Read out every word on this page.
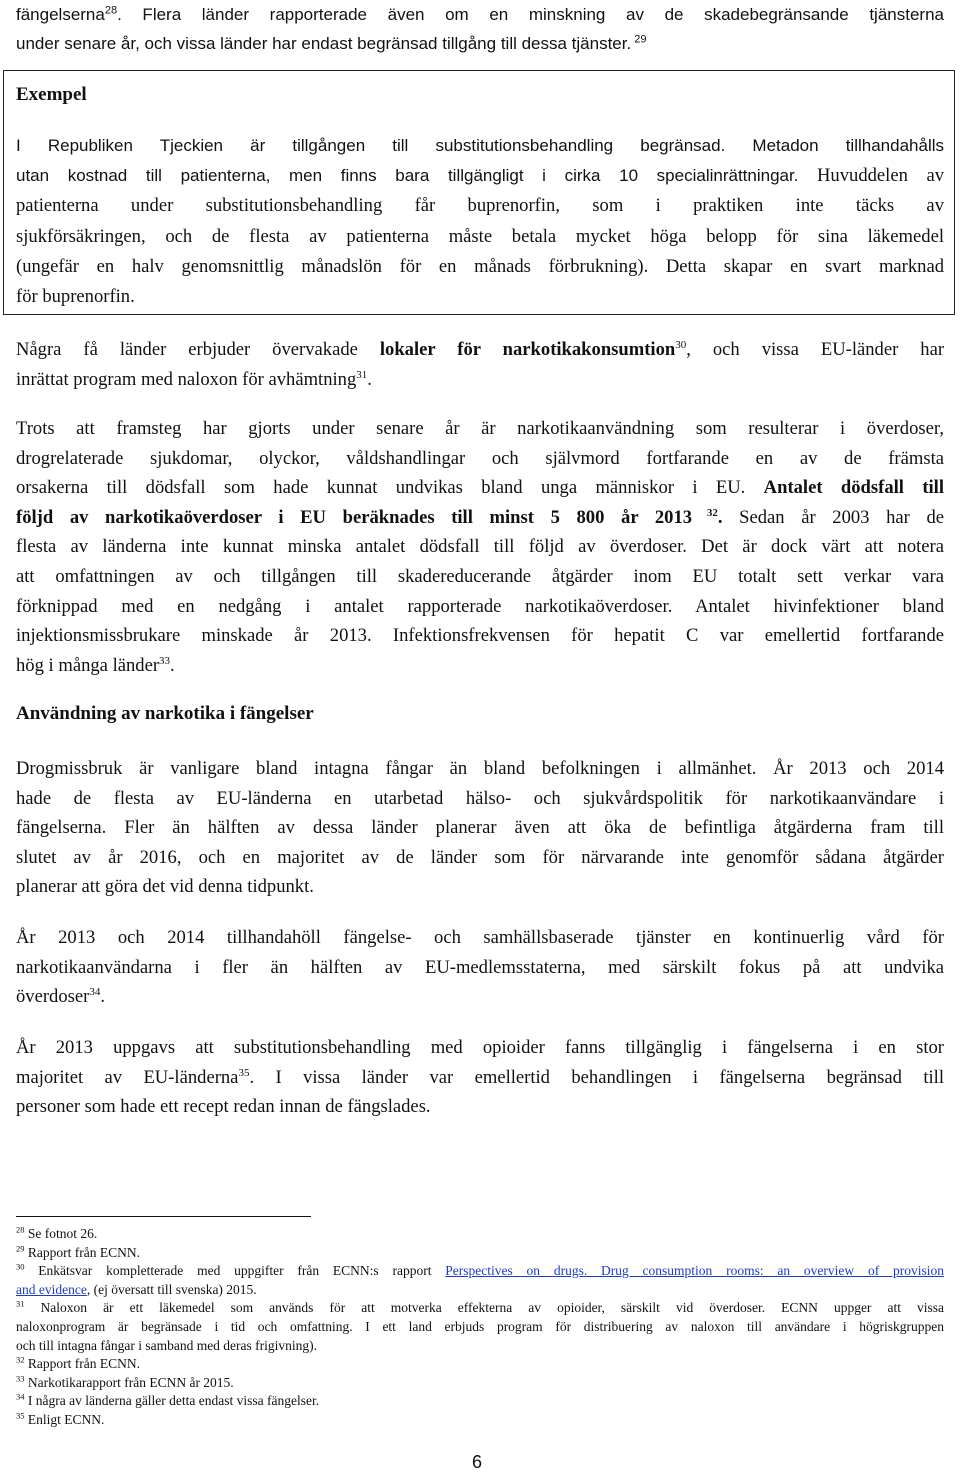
fängelserna$^{28}$. Flera länder rapporterade även om en minskning av de skadebegränsande tjänsterna
under senare år, och vissa länder har endast begränsad tillgång till dessa tjänster. $^{29}$

Exempel

I Republiken Tjeckien är tillgången till substitutionsbehandling begränsad. Metadon tillhandahålls
utan kostnad till patienterna, men finns bara tillgängligt i cirka 10 specialinrättningar. Huvuddelen av
patienterna under substitutionsbehandling får buprenorfin, som i praktiken inte täcks av
sjukförsäkringen, och de flesta av patienterna måste betala mycket höga belopp för sina läkemedel
(ungefär en halv genomsnittlig månadslön för en månads förbrukning). Detta skapar en svart marknad
för buprenorfin.
Några få länder erbjuder övervakade lokaler för narkotikakonsumtion$^{30}$, och vissa EU-länder har
inrättat program med naloxon för avhämtning$^{31}$.
Trots att framsteg har gjorts under senare år är narkotikaanvändning som resulterar i överdoser,
drogrelaterade sjukdomar, olyckor, våldshandlingar och självmord fortfarande en av de främsta
orsakerna till dödsfall som hade kunnat undvikas bland unga människor i EU. Antalet dödsfall till
följd av narkotikaöverdoser i EU beräknades till minst 5 800 år 2013 $^{32}$. Sedan år 2003 har de
flesta av länderna inte kunnat minska antalet dödsfall till följd av överdoser. Det är dock värt att notera
att omfattningen av och tillgången till skadereducerande åtgärder inom EU totalt sett verkar vara
förknippad med en nedgång i antalet rapporterade narkotikaöverdoser. Antalet hivinfektioner bland
injektionsmissbrukare minskade år 2013. Infektionsfrekvensen för hepatit C var emellertid fortfarande
hög i många länder$^{33}$.
Användning av narkotika i fängelser
Drogmissbruk är vanligare bland intagna fångar än bland befolkningen i allmänhet. År 2013 och 2014
hade de flesta av EU-länderna en utarbetad hälso- och sjukvårdspolitik för narkotikaanvändare i
fängelserna. Fler än hälften av dessa länder planerar även att öka de befintliga åtgärderna fram till
slutet av år 2016, och en majoritet av de länder som för närvarande inte genomför sådana åtgärder
planerar att göra det vid denna tidpunkt.
År 2013 och 2014 tillhandahöll fängelse- och samhällsbaserade tjänster en kontinuerlig vård för
narkotikaanvändarna i fler än hälften av EU-medlemsstaterna, med särskilt fokus på att undvika
överdoser$^{34}$.
År 2013 uppgavs att substitutionsbehandling med opioider fanns tillgänglig i fängelserna i en stor
majoritet av EU-länderna$^{35}$. I vissa länder var emellertid behandlingen i fängelserna begränsad till
personer som hade ett recept redan innan de fängslades.
$^{28}$ Se fotnot 26.
$^{29}$ Rapport från ECNN.
$^{30}$ Enkätsvar kompletterade med uppgifter från ECNN:s rapport Perspectives on drugs. Drug consumption rooms: an overview of provision
and evidence, (ej översatt till svenska) 2015.
$^{31}$ Naloxon är ett läkemedel som används för att motverka effekterna av opioider, särskilt vid överdoser. ECNN uppger att vissa
naloxonprogram är begränsade i tid och omfattning. I ett land erbjuds program för distribuering av naloxon till användare i högriskgruppen
och till intagna fångar i samband med deras frigivning).
$^{32}$ Rapport från ECNN.
$^{33}$ Narkotikarapport från ECNN år 2015.
$^{34}$ I några av länderna gäller detta endast vissa fängelser.
$^{35}$ Enligt ECNN.

6
